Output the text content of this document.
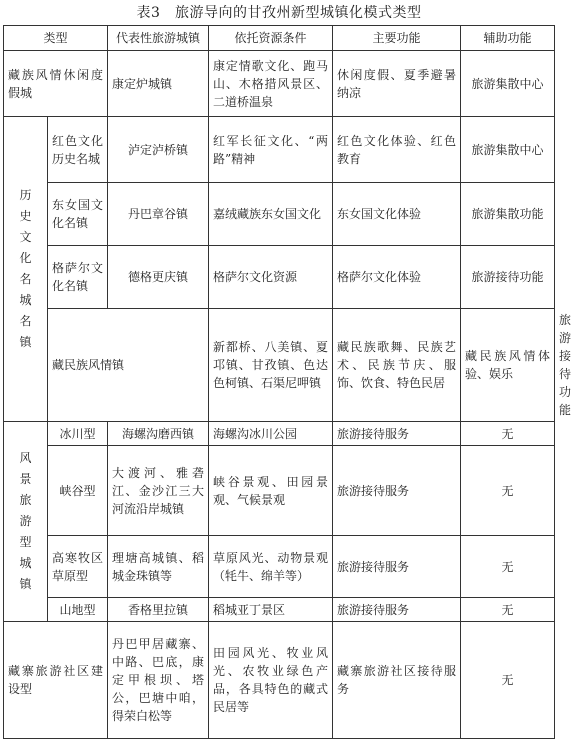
表3　旅游导向的甘孜州新型城镇化模式类型
类型		代表性旅游城镇	依托资源条件	主要功能	辅助功能	
藏族风情休闲度假城		康定炉城镇	康定情歌文化、跑马山、木格措风景区、二道桥温泉	休闲度假、夏季避暑纳凉	旅游集散中心	
历史文化名城名镇	红色文化历史名城	泸定泸桥镇	红军长征文化、“两路”精神	红色文化体验、红色教育	旅游集散中心	
	东女国文化名镇	丹巴章谷镇	嘉绒藏族东女国文化	东女国文化体验	旅游集散功能	
	格萨尔文化名镇	德格更庆镇	格萨尔文化资源	格萨尔文化体验	旅游接待功能	
	藏民族风情镇		新都桥、八美镇、夏邛镇、甘孜镇、色达色柯镇、石渠尼呷镇	藏民族歌舞、民族艺术、民族节庆、服饰、饮食、特色民居	藏民族风情体验、娱乐	旅游接待功能
风景旅游型城镇	冰川型	海螺沟磨西镇	海螺沟冰川公园	旅游接待服务	无	
	峡谷型	大渡河、雅砻江、金沙江三大河流沿岸城镇	峡谷景观、田园景观、气候景观	旅游接待服务	无	
	高寒牧区草原型	理塘高城镇、稻城金珠镇等	草原风光、动物景观（牦牛、绵羊等）	旅游接待服务	无	
	山地型	香格里拉镇	稻城亚丁景区	旅游接待服务	无	
藏寨旅游社区建设型		丹巴甲居藏寨、中路、巴底，康定甲根坝、塔公，巴塘中咱，得荣白松等	田园风光、牧业风光、农牧业绿色产品，各具特色的藏式民居等	藏寨旅游社区接待服务	无	
